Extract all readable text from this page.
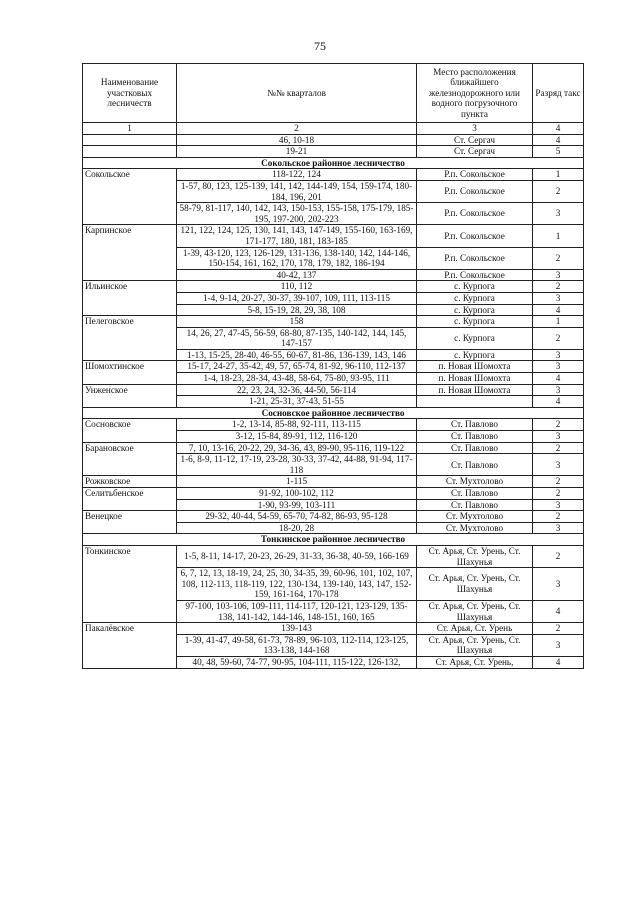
75
Наименование участковых лесничеств	№№ кварталов	Место расположения ближайшего железнодорожного или водного погрузочного пункта	Разряд такс
1	2	3	4
	46, 10-18	Ст. Сергач	4
	19-21	Ст. Сергач	5
Сокольское районное лесничество			
Сокольское	118-122, 124	Р.п. Сокольское	1
	1-57, 80, 123, 125-139, 141, 142, 144-149, 154, 159-174, 180-184, 196, 201	Р.п. Сокольское	2
	58-79, 81-117, 140, 142, 143, 150-153, 155-158, 175-179, 185-195, 197-200, 202-223	Р.п. Сокольское	3
Карпинское	121, 122, 124, 125, 130, 141, 143, 147-149, 155-160, 163-169, 171-177, 180, 181, 183-185	Р.п. Сокольское	1
	1-39, 43-120, 123, 126-129, 131-136, 138-140, 142, 144-146, 150-154, 161, 162, 170, 178, 179, 182, 186-194	Р.п. Сокольское	2
	40-42, 137	Р.п. Сокольское	3
Ильинское	110, 112	с. Курпога	2
	1-4, 9-14, 20-27, 30-37, 39-107, 109, 111, 113-115	с. Курпога	3
	5-8, 15-19, 28, 29, 38, 108	с. Курпога	4
Пелеговское	158	с. Курпога	1
	14, 26, 27, 47-45, 56-59, 68-80, 87-135, 140-142, 144, 145, 147-157	с. Курпога	2
	1-13, 15-25, 28-40, 46-55, 60-67, 81-86, 136-139, 143, 146	с. Курпога	3
Шомохтинское	15-17, 24-27, 35-42, 49, 57, 65-74, 81-92, 96-110, 112-137	п. Новая Шомохта	3
	1-4, 18-23, 28-34, 43-48, 58-64, 75-80, 93-95, 111	п. Новая Шомохта	4
Унженское	22, 23, 24, 32-36, 44-50, 56-114	п. Новая Шомохта	3
	1-21, 25-31, 37-43, 51-55		4
Сосновское районное лесничество			
Сосновское	1-2, 13-14, 85-88, 92-111, 113-115	Ст. Павлово	2
	3-12, 15-84, 89-91, 112, 116-120	Ст. Павлово	3
Барановское	7, 10, 13-16, 20-22, 29, 34-36, 43, 89-90, 95-116, 119-122	Ст. Павлово	2
	1-6, 8-9, 11-12, 17-19, 23-28, 30-33, 37-42, 44-88, 91-94, 117-118	Ст. Павлово	3
Рожковское	1-115	Ст. Мухтолово	2
Селитьбенское	91-92, 100-102, 112	Ст. Павлово	2
	1-90, 93-99, 103-111	Ст. Павлово	3
Венецкое	29-32, 40-44, 54-59, 65-70, 74-82, 86-93, 95-128	Ст. Мухтолово	2
	18-20, 28	Ст. Мухтолово	3
Тонкинское районное лесничество			
Тонкинское	1-5, 8-11, 14-17, 20-23, 26-29, 31-33, 36-38, 40-59, 166-169	Ст. Арья, Ст. Урень, Ст. Шахунья	2
	6, 7, 12, 13, 18-19, 24, 25, 30, 34-35, 39, 60-96, 101, 102, 107, 108, 112-113, 118-119, 122, 130-134, 139-140, 143, 147, 152-159, 161-164, 170-178	Ст. Арья, Ст. Урень, Ст. Шахунья	3
	97-100, 103-106, 109-111, 114-117, 120-121, 123-129, 135-138, 141-142, 144-146, 148-151, 160, 165	Ст. Арья, Ст. Урень, Ст. Шахунья	4
Пакалёвское	139-143	Ст. Арья, Ст. Урень	2
	1-39, 41-47, 49-58, 61-73, 78-89, 96-103, 112-114, 123-125, 133-138, 144-168	Ст. Арья, Ст. Урень, Ст. Шахунья	3
	40, 48, 59-60, 74-77, 90-95, 104-111, 115-122, 126-132,	Ст. Арья, Ст. Урень,	4
